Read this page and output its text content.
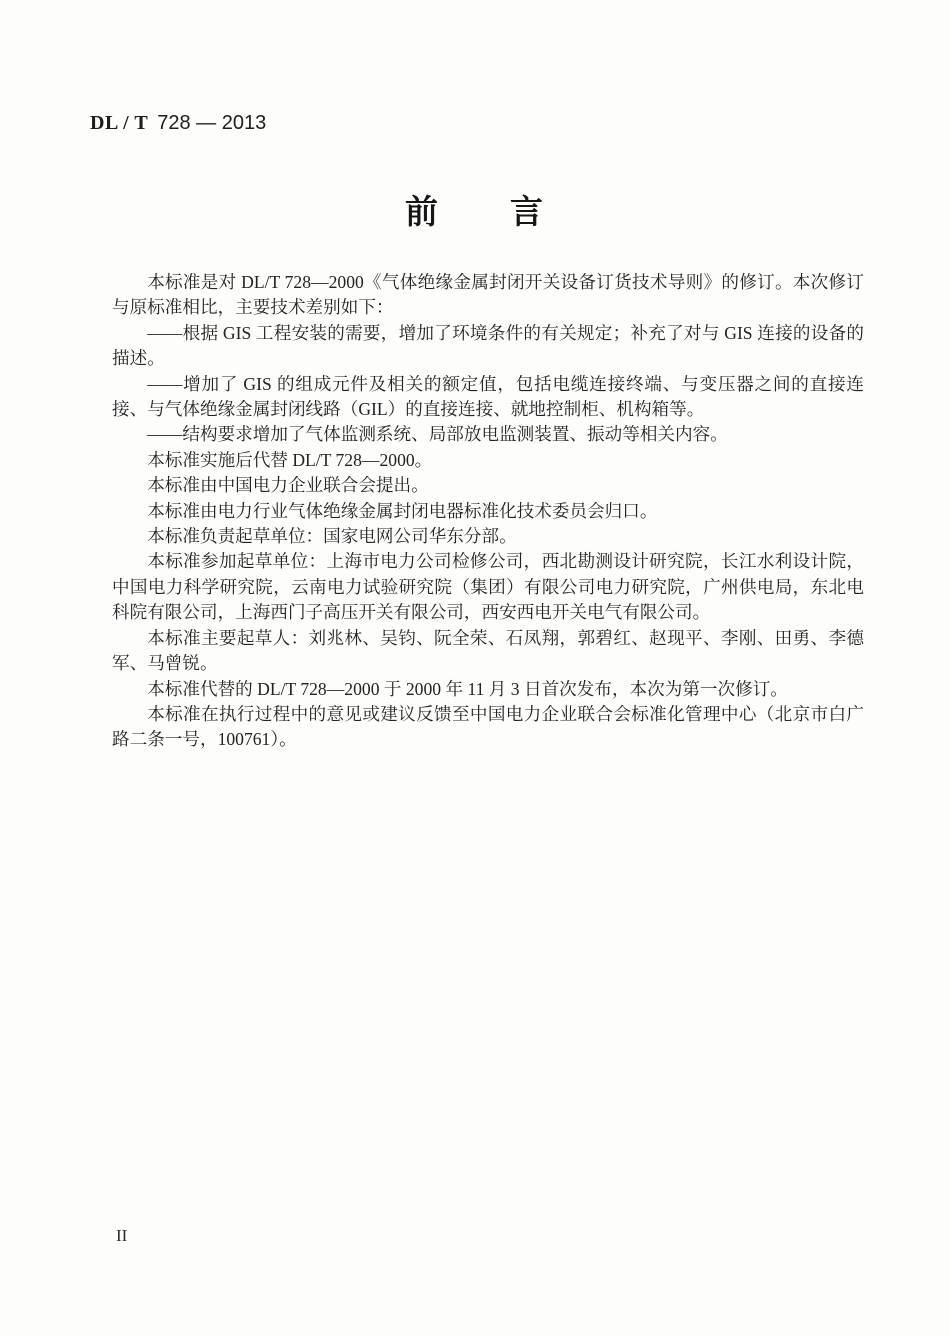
DL / T 728 — 2013
前　　言

本标准是对 DL/T 728—2000《气体绝缘金属封闭开关设备订货技术导则》的修订。本次修订与原标准相比，主要技术差别如下：

——根据 GIS 工程安装的需要，增加了环境条件的有关规定；补充了对与 GIS 连接的设备的描述。

——增加了 GIS 的组成元件及相关的额定值，包括电缆连接终端、与变压器之间的直接连接、与气体绝缘金属封闭线路（GIL）的直接连接、就地控制柜、机构箱等。

——结构要求增加了气体监测系统、局部放电监测装置、振动等相关内容。

本标准实施后代替 DL/T 728—2000。

本标准由中国电力企业联合会提出。

本标准由电力行业气体绝缘金属封闭电器标准化技术委员会归口。

本标准负责起草单位：国家电网公司华东分部。

本标准参加起草单位：上海市电力公司检修公司，西北勘测设计研究院，长江水利设计院，中国电力科学研究院，云南电力试验研究院（集团）有限公司电力研究院，广州供电局，东北电科院有限公司，上海西门子高压开关有限公司，西安西电开关电气有限公司。

本标准主要起草人：刘兆林、吴钧、阮全荣、石凤翔，郭碧红、赵现平、李刚、田勇、李德军、马曾锐。

本标准代替的 DL/T 728—2000 于 2000 年 11 月 3 日首次发布，本次为第一次修订。

本标准在执行过程中的意见或建议反馈至中国电力企业联合会标准化管理中心（北京市白广路二条一号，100761）。

II
